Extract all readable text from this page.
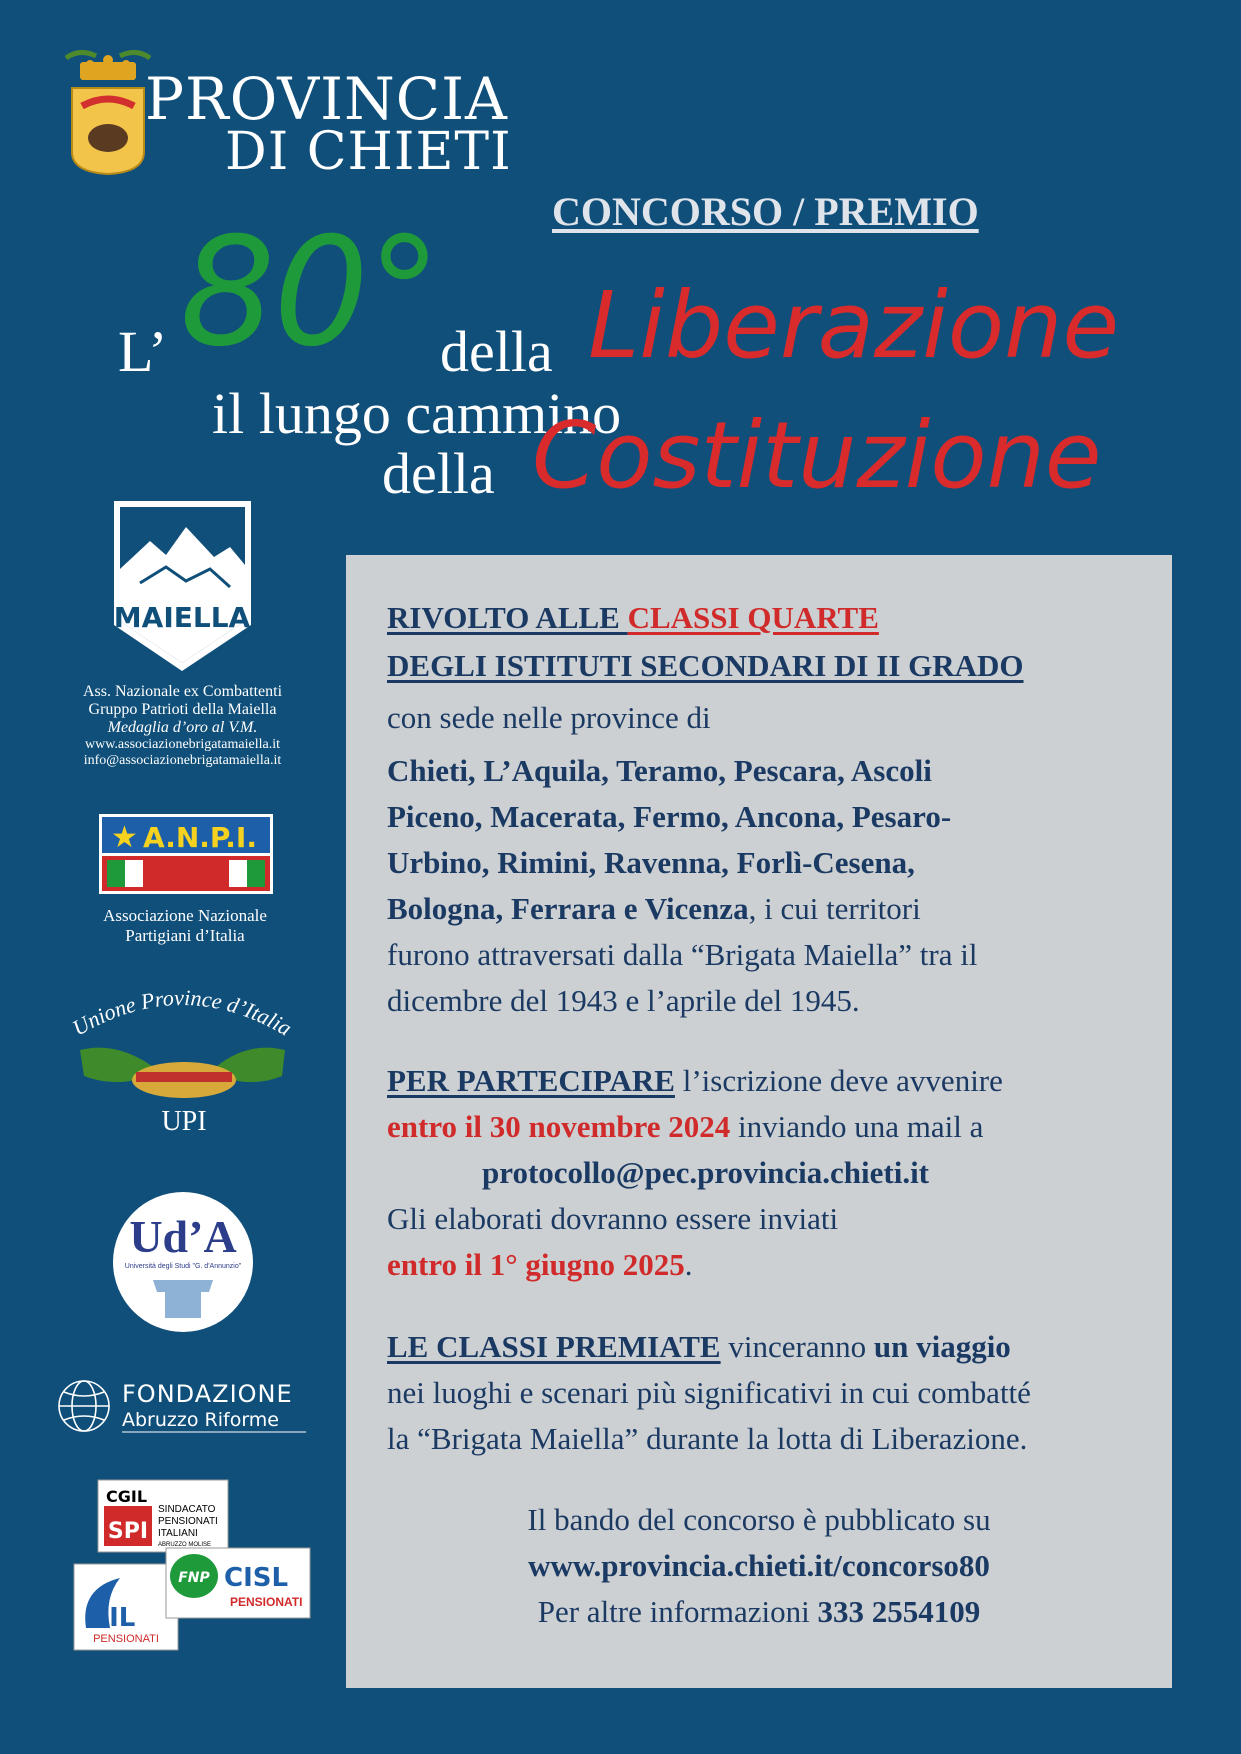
PROVINCIA
DI CHIETI
CONCORSO / PREMIO
80°
L’	della Liberazione
il lungo cammino
della Costituzione
MAIELLA
Ass. Nazionale ex Combattenti
Gruppo Patrioti della Maiella
Medaglia d’oro al V.M.
www.associazionebrigatamaiella.it
info@associazionebrigatamaiella.it
★ A.N.P.I.
Associazione Nazionale
Partigiani d’Italia
Unione Province d’Italia
UPI
Ud’A
Università degli Studi "G. d'Annunzio"
FONDAZIONE
Abruzzo Riforme
CGIL
SPI
SINDACATO
PENSIONATI
ITALIANI
ABRUZZO MOLISE
UIL
PENSIONATI
FNP CISL
PENSIONATI
RIVOLTO ALLE CLASSI QUARTE
DEGLI ISTITUTI SECONDARI DI II GRADO
con sede nelle province di
Chieti, L’Aquila, Teramo, Pescara, Ascoli
Piceno, Macerata, Fermo, Ancona, Pesaro-
Urbino, Rimini, Ravenna, Forlì-Cesena,
Bologna, Ferrara e Vicenza, i cui territori
furono attraversati dalla “Brigata Maiella” tra il
dicembre del 1943 e l’aprile del 1945.
PER PARTECIPARE l’iscrizione deve avvenire
entro il 30 novembre 2024 inviando una mail a
protocollo@pec.provincia.chieti.it
Gli elaborati dovranno essere inviati
entro il 1° giugno 2025.
LE CLASSI PREMIATE vinceranno un viaggio
nei luoghi e scenari più significativi in cui combatté
la “Brigata Maiella” durante la lotta di Liberazione.
Il bando del concorso è pubblicato su
www.provincia.chieti.it/concorso80
Per altre informazioni 333 2554109
